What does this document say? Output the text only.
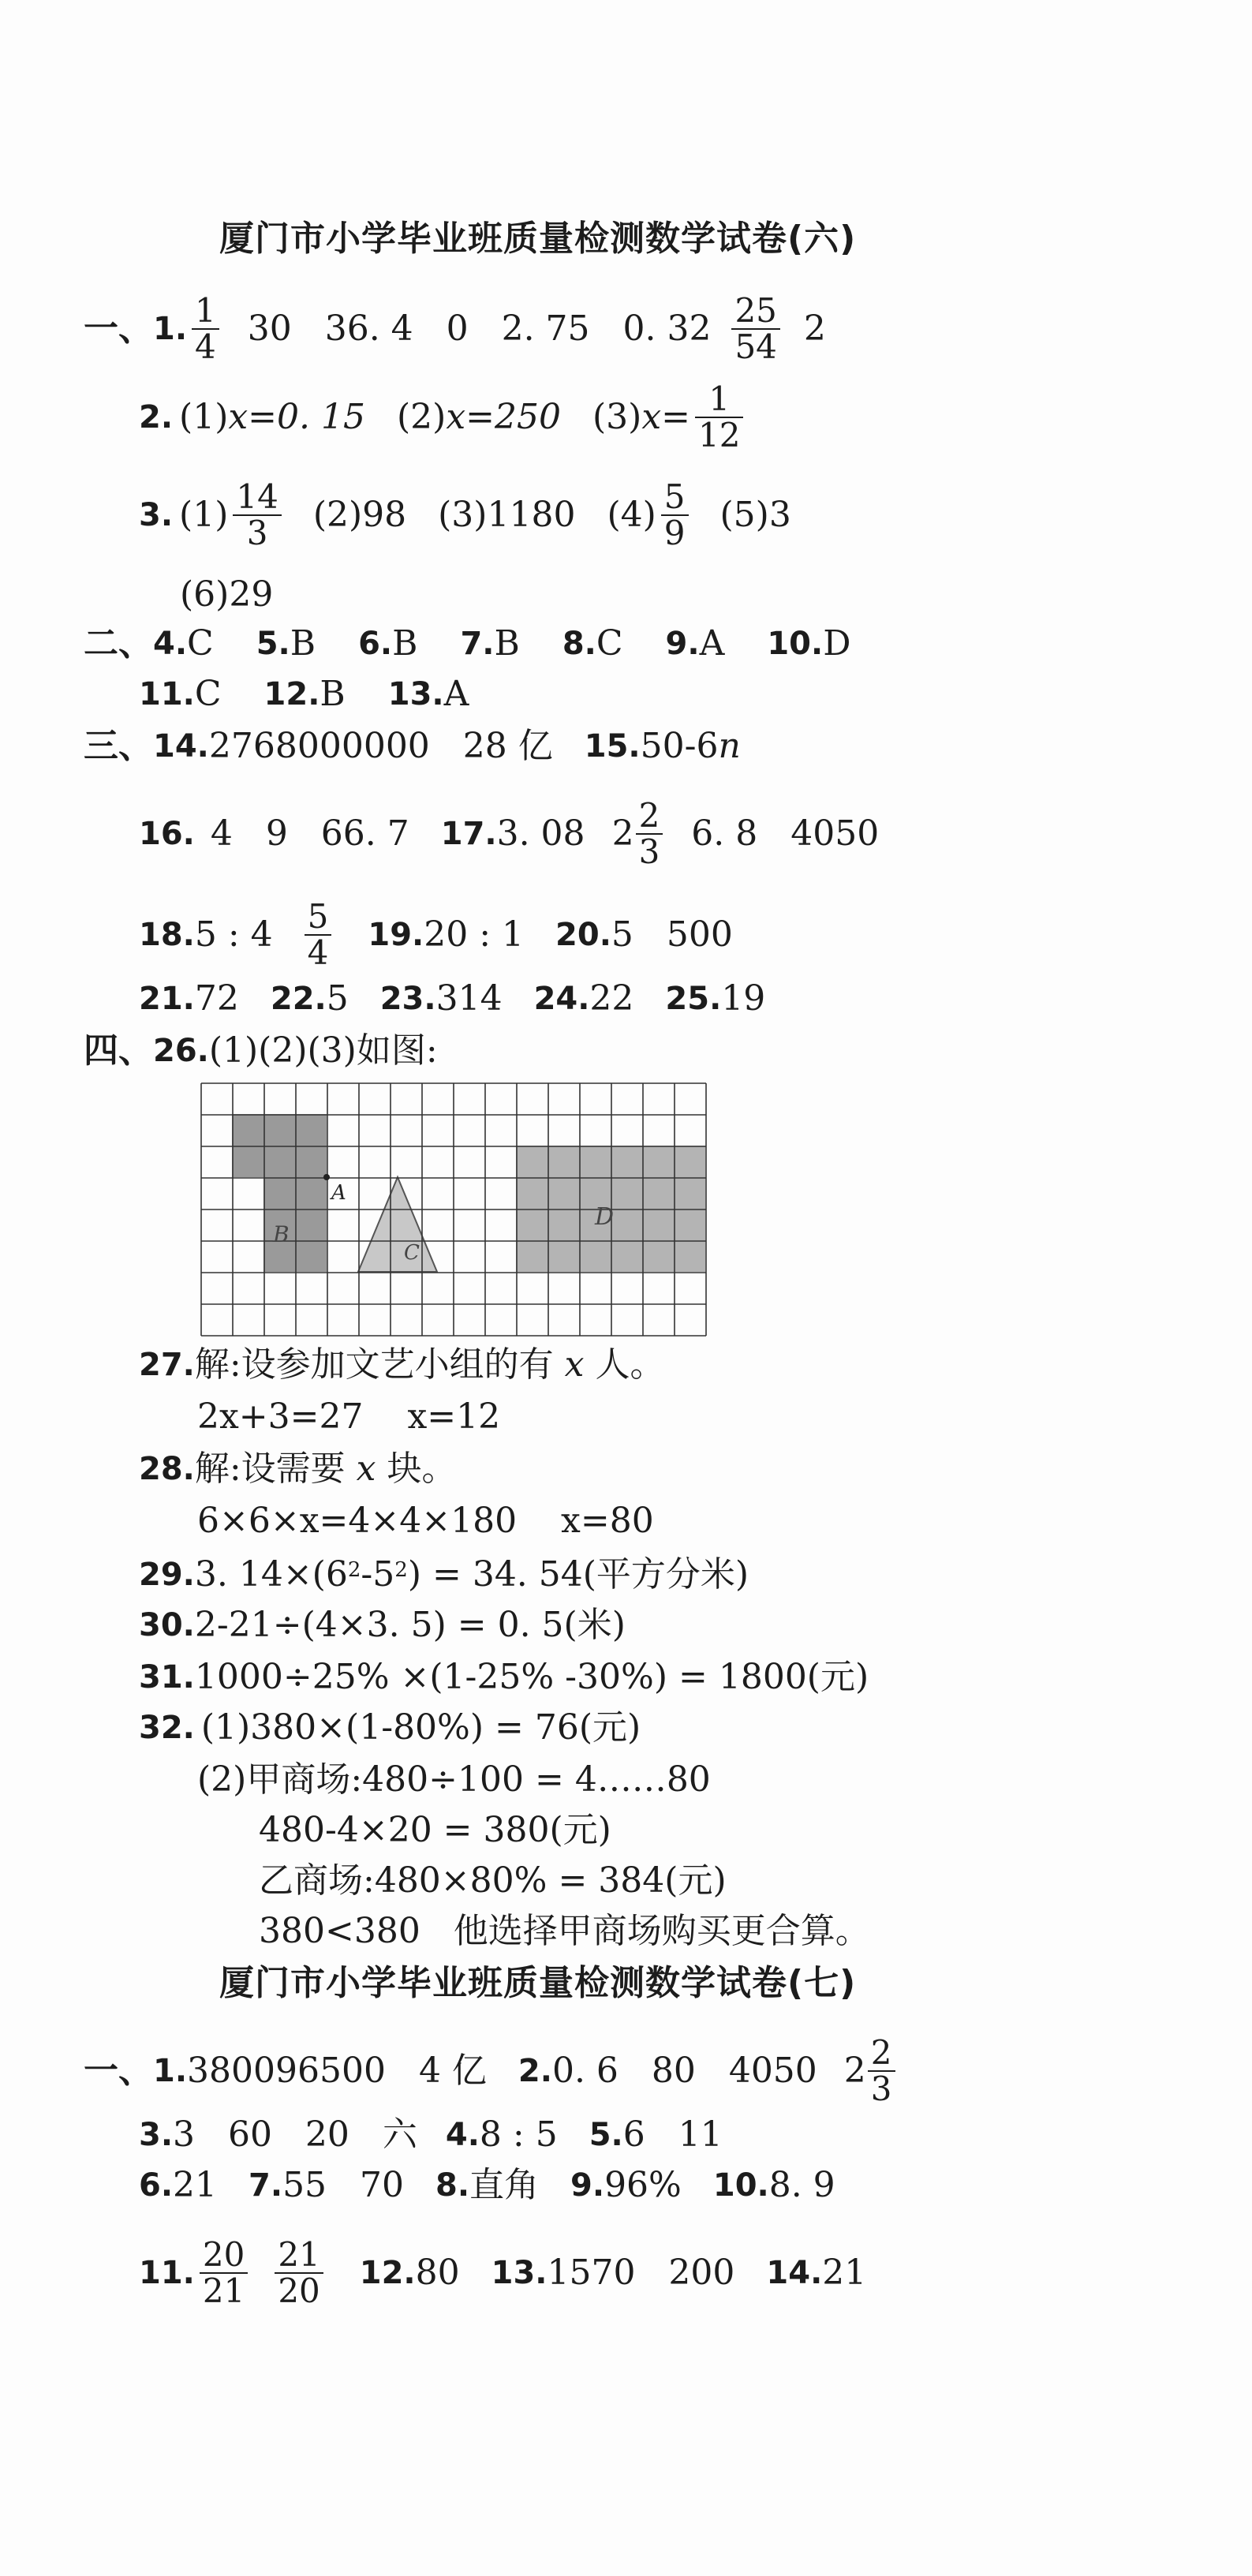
厦门市小学毕业班质量检测数学试卷(六)
一、 1. $\frac{1}{4} 30$   36. 4   0   2. 75   0. $32 \frac{25}{54} 2$
2. (1) x=0. 15 (2) x=250 (3) $x= \frac{1}{12}$
3. $(1) \frac{14}{3} (2)98$ (3)1180 $(4) \frac{5}{9} (5)3$
(6)29
二、 4. C 5. B 6. B 7. B 8. C 9. A 10. D
11. C 12. B 13. A
三、 14. 2768000000   28 亿 15. 50-6 n
16. 4   9   66. 7 17. 3. 08 $2 \frac{2}{3} 6$. 8   4050
18. 5 : $4 \frac{5}{4} 19$. 20 : 1 20. 5   500
21. 72 22. 5 23. 314 24. 22 25. 19
四、 26. (1)(2)(3)如图:
A
B
C
D
27. 解:设参加文艺小组的有 x 人。
2x+3=27    x=12
28. 解:设需要 x 块。
6×6×x=4×4×180    x=80
29. 3. $14\times(6^2$ $-5^2$ ) = 34. 54(平方分米)
30. 2-21÷(4×3. 5) = 0. 5(米)
31. 1000÷25% ×(1-25% -30%) = 1800(元)
32. (1)380×(1-80%) = 76(元)
(2)甲商场:480÷100 = 4……80
480-4×20 = 380(元)
乙商场:480×80% = 384(元)
380<380   他选择甲商场购买更合算。
厦门市小学毕业班质量检测数学试卷(七)
一、 1. 380096500   4 亿 2. 0. 6   80   4050 $2 \frac{2}{3}$
3. 3   60   20   六 4. 8 : 5 5. 6   11
6. 21 7. 55   70 8. 直角 9. 96% 10. 8. 9
11. $\frac{20}{21} \frac{21}{20} 12$. 80 13. 1570   200 14. 21
